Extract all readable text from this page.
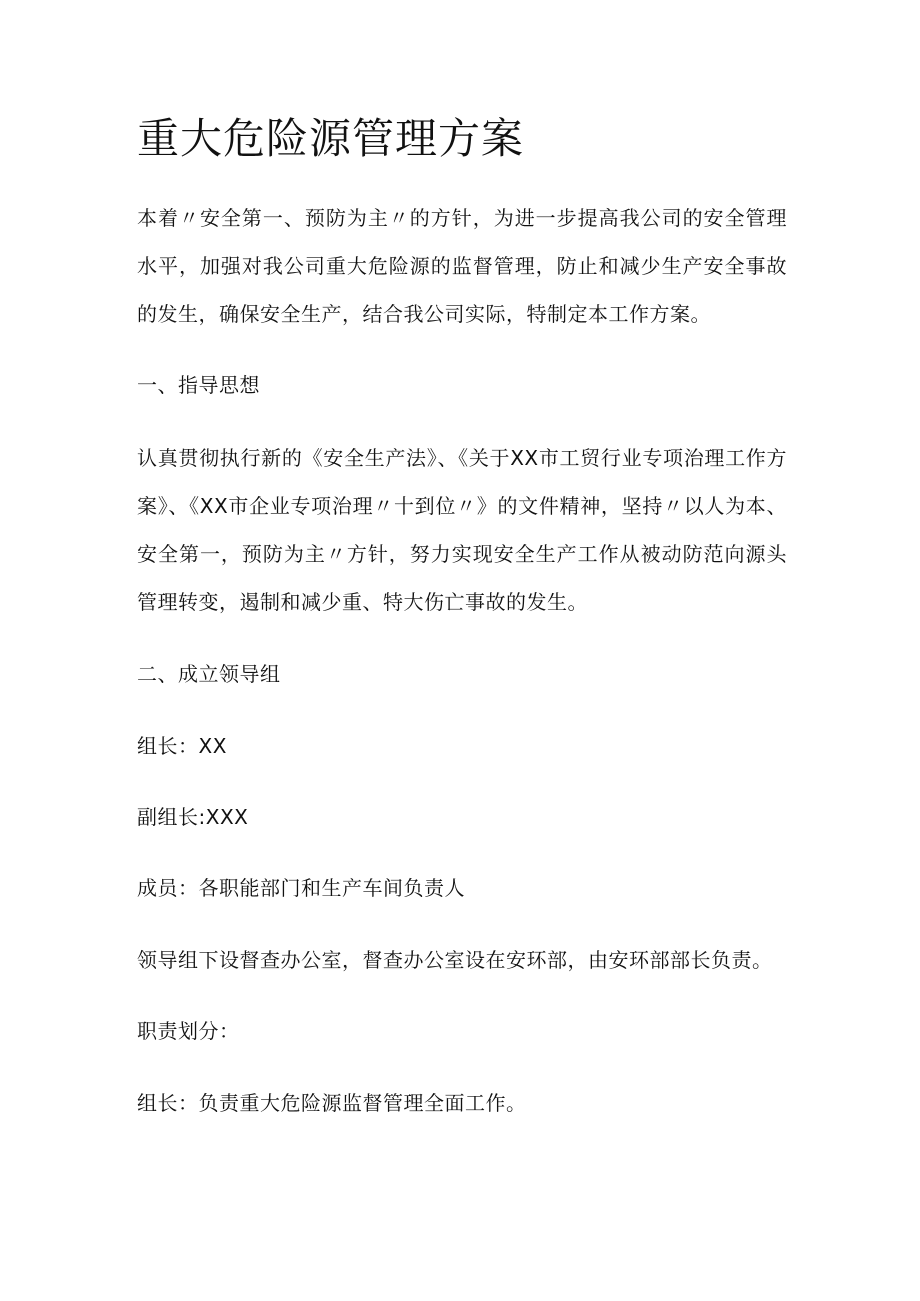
重大危险源管理方案

本着〃安全第一、预防为主〃的方针，为进一步提高我公司的安全管理水平，加强对我公司重大危险源的监督管理，防止和减少生产安全事故的发生，确保安全生产，结合我公司实际，特制定本工作方案。

一、指导思想

认真贯彻执行新的《安全生产法》、《关于XX市工贸行业专项治理工作方案》、《XX市企业专项治理〃十到位〃》的文件精神，坚持〃以人为本、安全第一，预防为主〃方针，努力实现安全生产工作从被动防范向源头管理转变，遏制和减少重、特大伤亡事故的发生。

二、成立领导组

组长：XX

副组长:XXX

成员：各职能部门和生产车间负责人

领导组下设督查办公室，督查办公室设在安环部，由安环部部长负责。

职责划分：

组长：负责重大危险源监督管理全面工作。
